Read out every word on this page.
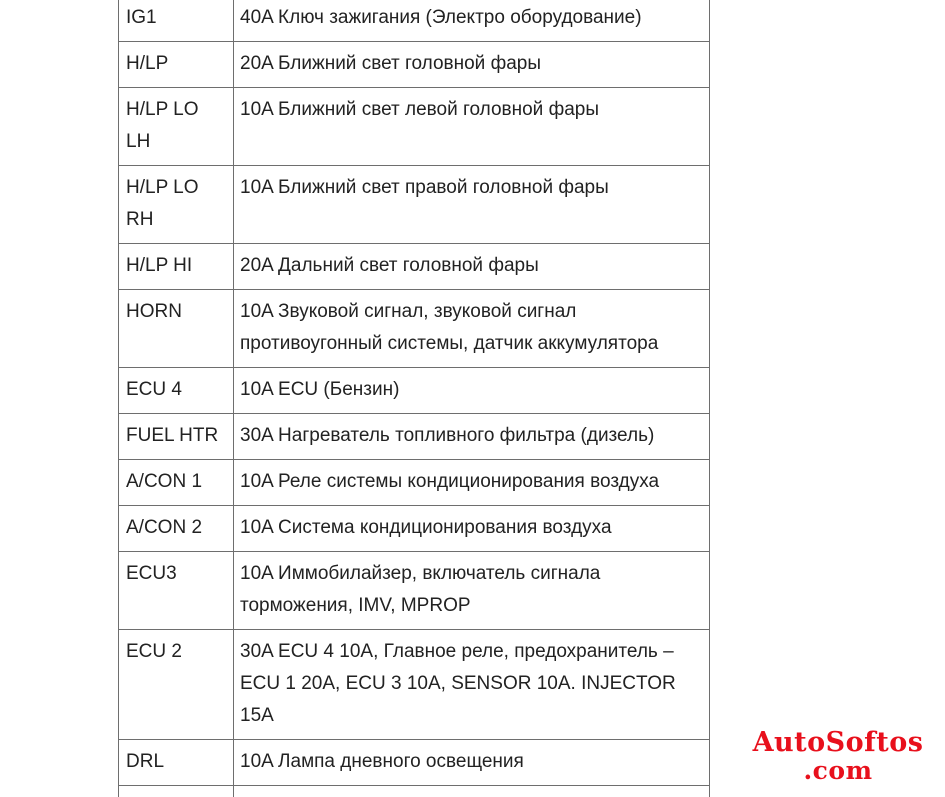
IG1	40A Ключ зажигания (Электро оборудование)
H/LP	20A Ближний свет головной фары
H/LP LO LH	10A Ближний свет левой головной фары
H/LP LO RH	10A Ближний свет правой головной фары
H/LP HI	20A Дальний свет головной фары
HORN	10A Звуковой сигнал, звуковой сигнал противоугонный системы, датчик аккумулятора
ECU 4	10A ECU (Бензин)
FUEL HTR	30A Нагреватель топливного фильтра (дизель)
A/CON 1	10A Реле системы кондиционирования воздуха
A/CON 2	10A Система кондиционирования воздуха
ECU3	10A Иммобилайзер, включатель сигнала торможения, IMV, MPROP
ECU 2	30A ECU 4 10A, Главное реле, предохранитель – ECU 1 20A, ECU 3 10A, SENSOR 10A. INJECTOR 15A
DRL	10A Лампа дневного освещения

AutoSoftos
.com
